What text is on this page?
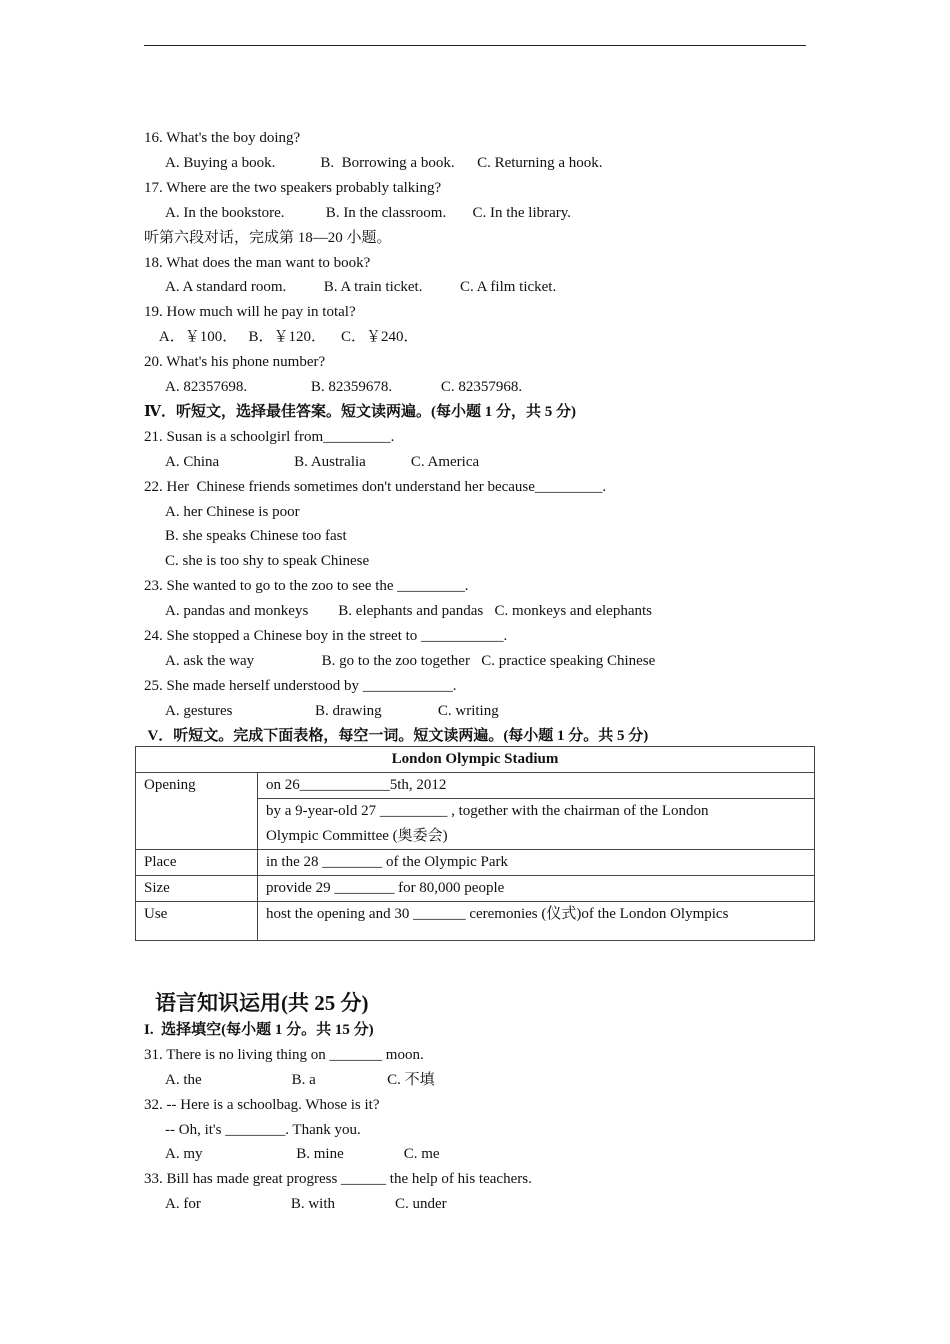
16. What's the boy doing?
A. Buying a book.            B.  Borrowing a book.      C. Returning a hook.
17. Where are the two speakers probably talking?
A. In the bookstore.           B. In the classroom.       C. In the library.
听第六段对话，完成第 18—20 小题。
18. What does the man want to book?
A. A standard room.          B. A train ticket.          C. A film ticket.
19. How much will he pay in total?
A．￥100．   B．￥120．    C．￥240．
20. What's his phone number?
A. 82357698.                 B. 82359678.             C. 82357968.
Ⅳ．听短文，选择最佳答案。短文读两遍。(每小题 1 分，共 5 分)
21. Susan is a schoolgirl from_________.
A. China                    B. Australia            C. America
22. Her  Chinese friends sometimes don't understand her because_________.
A. her Chinese is poor
B. she speaks Chinese too fast
C. she is too shy to speak Chinese
23. She wanted to go to the zoo to see the _________.
A. pandas and monkeys        B. elephants and pandas   C. monkeys and elephants
24. She stopped a Chinese boy in the street to ___________.
A. ask the way                  B. go to the zoo together   C. practice speaking Chinese
25. She made herself understood by ____________.
A. gestures                      B. drawing               C. writing
V．听短文。完成下面表格，每空一词。短文读两遍。(每小题 1 分。共 5 分)
London Olympic Stadium	
Opening	on 26____________5th, 2012

	by a 9-year-old 27 _________ , together with the chairman of the London
Olympic Committee (奥委会)

Place	in the 28 ________ of the Olympic Park
Size	provide 29 ________ for 80,000 people
Use	host the opening and 30 _______ ceremonies (仪式)of the London Olympics
语言知识运用(共 25 分)
I.  选择填空(每小题 1 分。共 15 分)
31. There is no living thing on _______ moon.
A. the                        B. a                   C. 不填
32. -- Here is a schoolbag. Whose is it?
-- Oh, it's ________. Thank you.
A. my                         B. mine                C. me
33. Bill has made great progress ______ the help of his teachers.
A. for                        B. with                C. under
